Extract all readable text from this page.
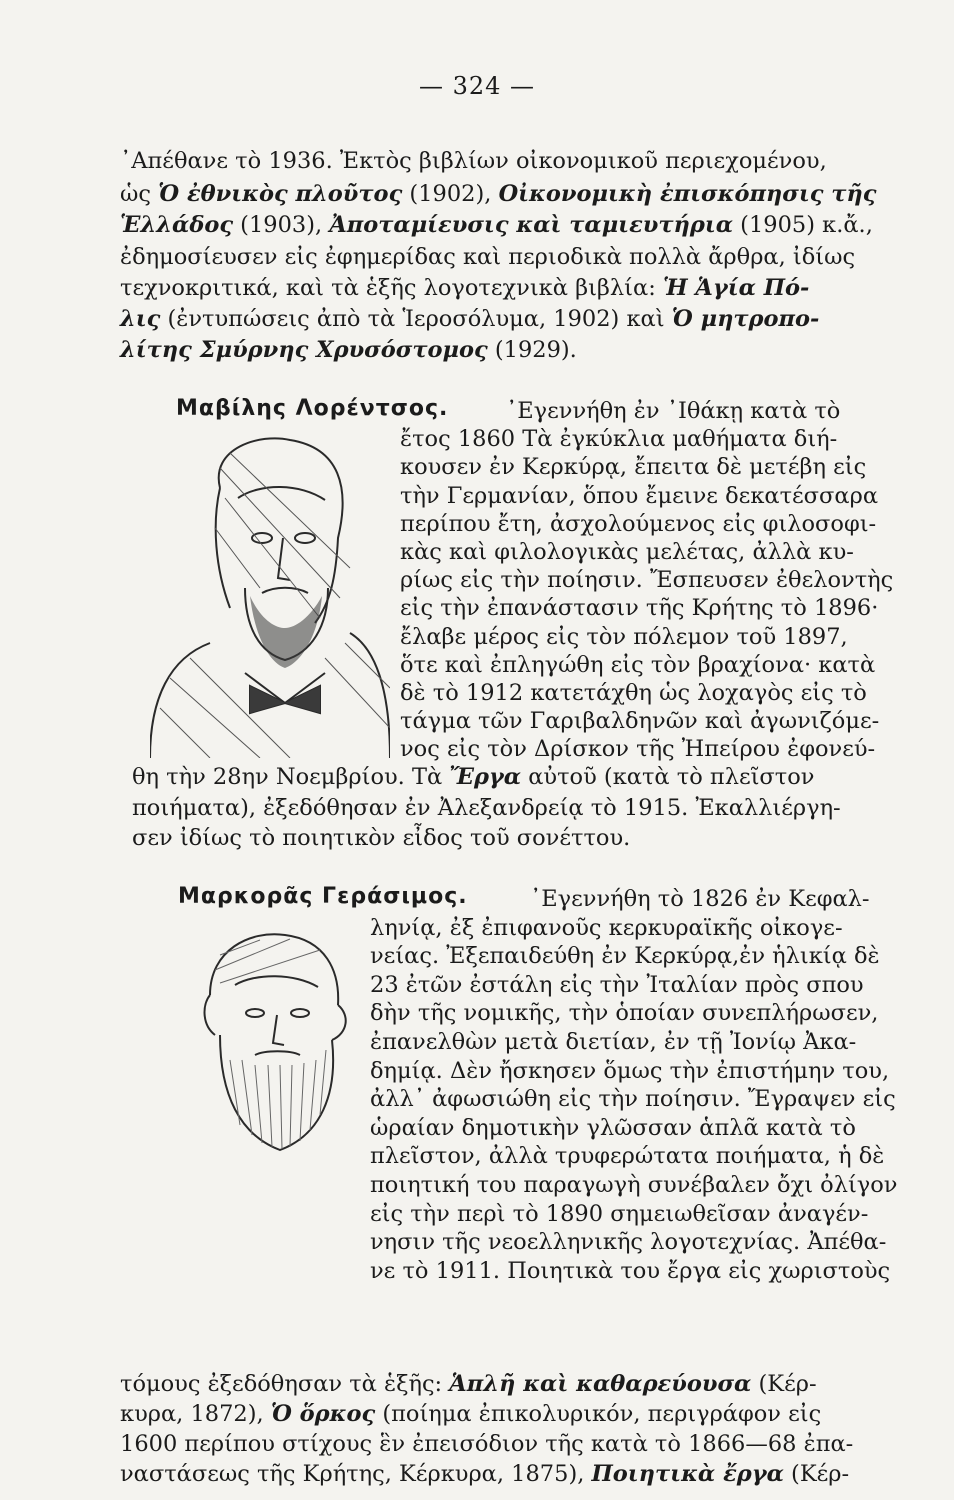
— 324 —
᾿Απέθανε τὸ 1936. Ἐκτὸς βιβλίων οἰκονομικοῦ περιεχομένου,
ὡς Ὁ ἐθνικὸς πλοῦτος (1902), Οἰκονομικὴ ἐπισκόπησις τῆς
Ἑλλάδος (1903), Ἀποταμίευσις καὶ ταμιευτήρια (1905) κ.ἄ.,
ἐδημοσίευσεν εἰς ἐφημερίδας καὶ περιοδικὰ πολλὰ ἄρθρα, ἰδίως
τεχνοκριτικά, καὶ τὰ ἑξῆς λογοτεχνικὰ βιβλία: Ἡ Ἁγία Πό-
λις (ἐντυπώσεις ἀπὸ τὰ Ἱεροσόλυμα, 1902) καὶ Ὁ μητροπο-
λίτης Σμύρνης Χρυσόστομος (1929).
Μαβίλης Λορέντσος.	᾿Εγεννήθη ἐν ᾿Ιθάκῃ κατὰ τὸ
ἔτος 1860 Τὰ ἐγκύκλια μαθήματα διή-
κουσεν ἐν Κερκύρᾳ, ἔπειτα δὲ μετέβη εἰς
τὴν Γερμανίαν, ὅπου ἔμεινε δεκατέσσαρα
περίπου ἔτη, ἀσχολούμενος εἰς φιλοσοφι-
κὰς καὶ φιλολογικὰς μελέτας, ἀλλὰ κυ-
ρίως εἰς τὴν ποίησιν. Ἔσπευσεν ἐθελοντὴς
εἰς τὴν ἐπανάστασιν τῆς Κρήτης τὸ 1896·
ἔλαβε μέρος εἰς τὸν πόλεμον τοῦ 1897,
ὅτε καὶ ἐπληγώθη εἰς τὸν βραχίονα· κατὰ
δὲ τὸ 1912 κατετάχθη ὡς λοχαγὸς εἰς τὸ
τάγμα τῶν Γαριβαλδηνῶν καὶ ἀγωνιζόμε-
νος εἰς τὸν Δρίσκον τῆς Ἠπείρου ἐφονεύ-
θη τὴν 28ην Νοεμβρίου. Τὰ Ἔργα αὐτοῦ (κατὰ τὸ πλεῖστον
ποιήματα), ἐξεδόθησαν ἐν Ἀλεξανδρείᾳ τὸ 1915. Ἐκαλλιέργη-
σεν ἰδίως τὸ ποιητικὸν εἶδος τοῦ σονέττου.
Μαρκορᾶς Γεράσιμος.	᾿Εγεννήθη τὸ 1826 ἐν Κεφαλ-
ληνίᾳ, ἐξ ἐπιφανοῦς κερκυραϊκῆς οἰκογε-
νείας. Ἐξεπαιδεύθη ἐν Κερκύρᾳ,ἐν ἡλικίᾳ δὲ
23 ἐτῶν ἐστάλη εἰς τὴν Ἰταλίαν πρὸς σπου
δὴν τῆς νομικῆς, τὴν ὁποίαν συνεπλήρωσεν,
ἐπανελθὼν μετὰ διετίαν, ἐν τῇ Ἰονίῳ Ἀκα-
δημίᾳ. Δὲν ἤσκησεν ὅμως τὴν ἐπιστήμην του,
ἀλλ᾿ ἀφωσιώθη εἰς τὴν ποίησιν. Ἔγραψεν εἰς
ὡραίαν δημοτικὴν γλῶσσαν ἁπλᾶ κατὰ τὸ
πλεῖστον, ἀλλὰ τρυφερώτατα ποιήματα, ἡ δὲ
ποιητική του παραγωγὴ συνέβαλεν ὄχι ὀλίγον
εἰς τὴν περὶ τὸ 1890 σημειωθεῖσαν ἀναγέν-
νησιν τῆς νεοελληνικῆς λογοτεχνίας. Ἀπέθα-
νε τὸ 1911. Ποιητικὰ του ἔργα εἰς χωριστοὺς
τόμους ἐξεδόθησαν τὰ ἑξῆς: Ἁπλῆ καὶ καθαρεύουσα (Κέρ-
κυρα, 1872), Ὁ ὅρκος (ποίημα ἐπικολυρικόν, περιγράφον εἰς
1600 περίπου στίχους ἓν ἐπεισόδιον τῆς κατὰ τὸ 1866—68 ἐπα-
ναστάσεως τῆς Κρήτης, Κέρκυρα, 1875), Ποιητικὰ ἔργα (Κέρ-
